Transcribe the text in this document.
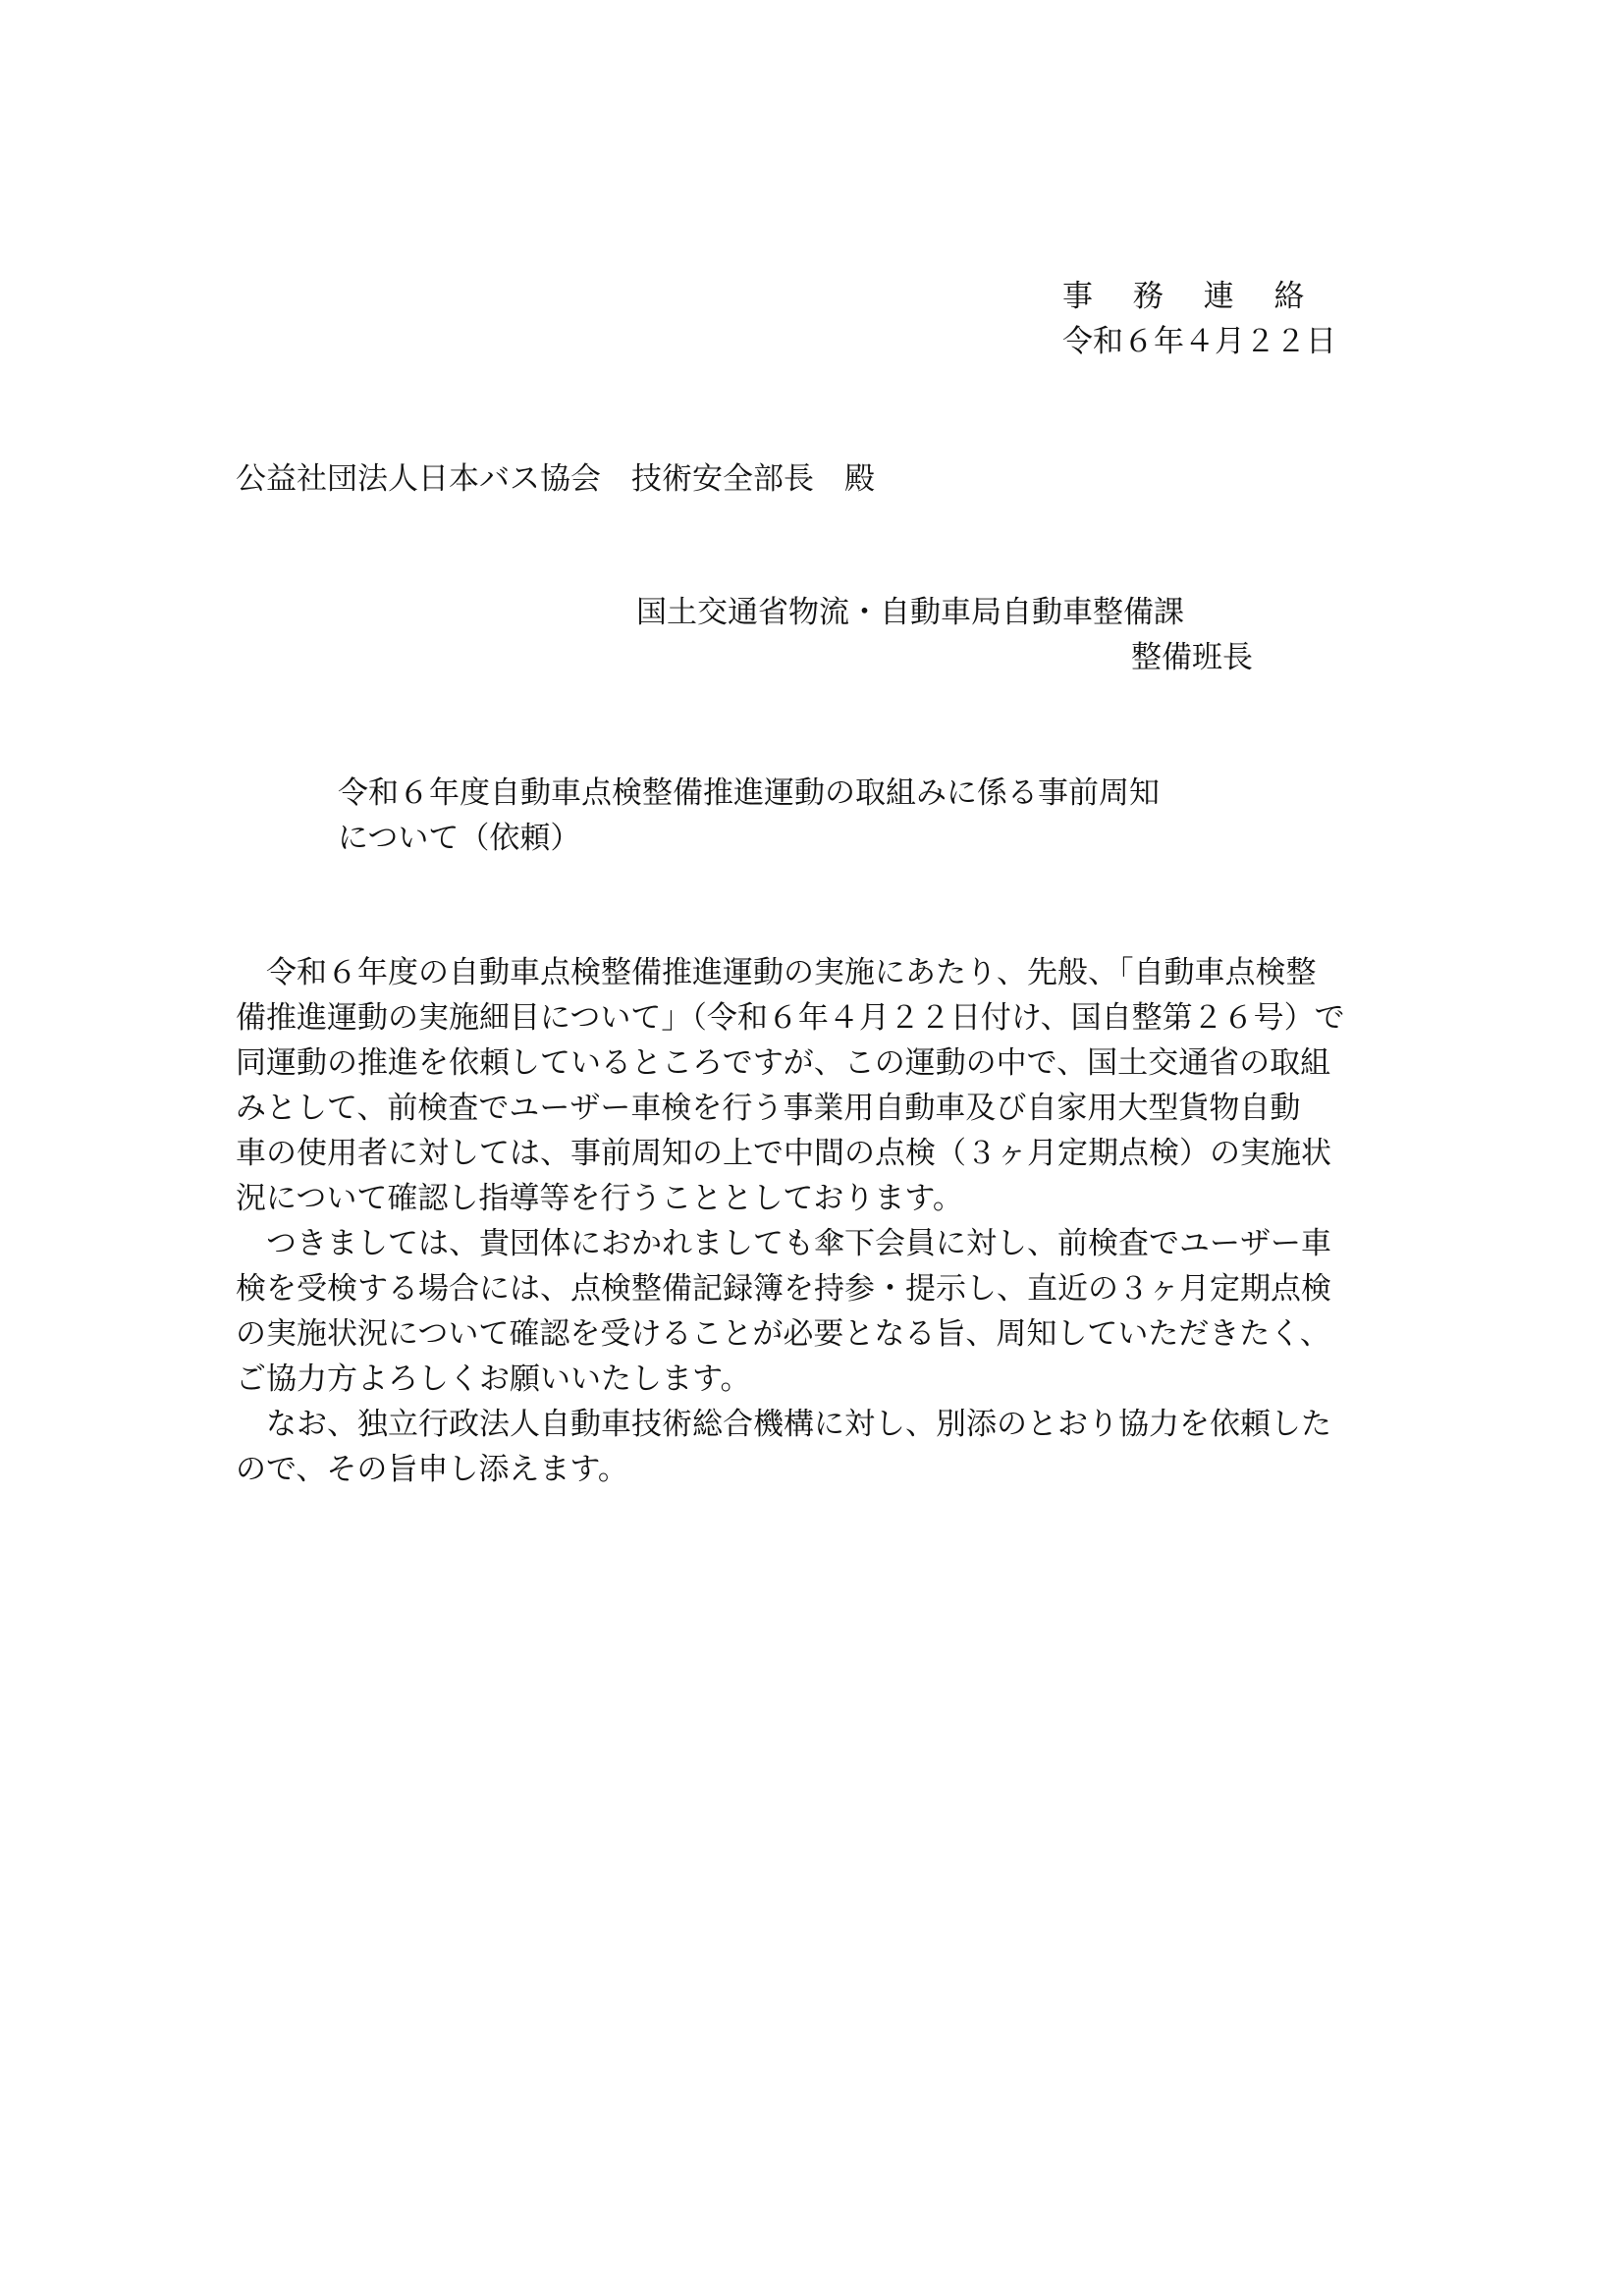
事　 務　 連　 絡
令和６年４月２２日
公益社団法人日本バス協会　技術安全部長　殿
国土交通省物流・自動車局自動車整備課
整備班長
令和６年度自動車点検整備推進運動の取組みに係る事前周知
について（依頼）
　令和６年度の自動車点検整備推進運動の実施にあたり、先般、「自動車点検整
備推進運動の実施細目について」（令和６年４月２２日付け、国自整第２６号）で
同運動の推進を依頼しているところですが、この運動の中で、国土交通省の取組
みとして、前検査でユーザー車検を行う事業用自動車及び自家用大型貨物自動
車の使用者に対しては、事前周知の上で中間の点検（３ヶ月定期点検）の実施状
況について確認し指導等を行うこととしております。
　つきましては、貴団体におかれましても傘下会員に対し、前検査でユーザー車
検を受検する場合には、点検整備記録簿を持参・提示し、直近の３ヶ月定期点検
の実施状況について確認を受けることが必要となる旨、周知していただきたく、
ご協力方よろしくお願いいたします。
　なお、独立行政法人自動車技術総合機構に対し、別添のとおり協力を依頼した
ので、その旨申し添えます。
